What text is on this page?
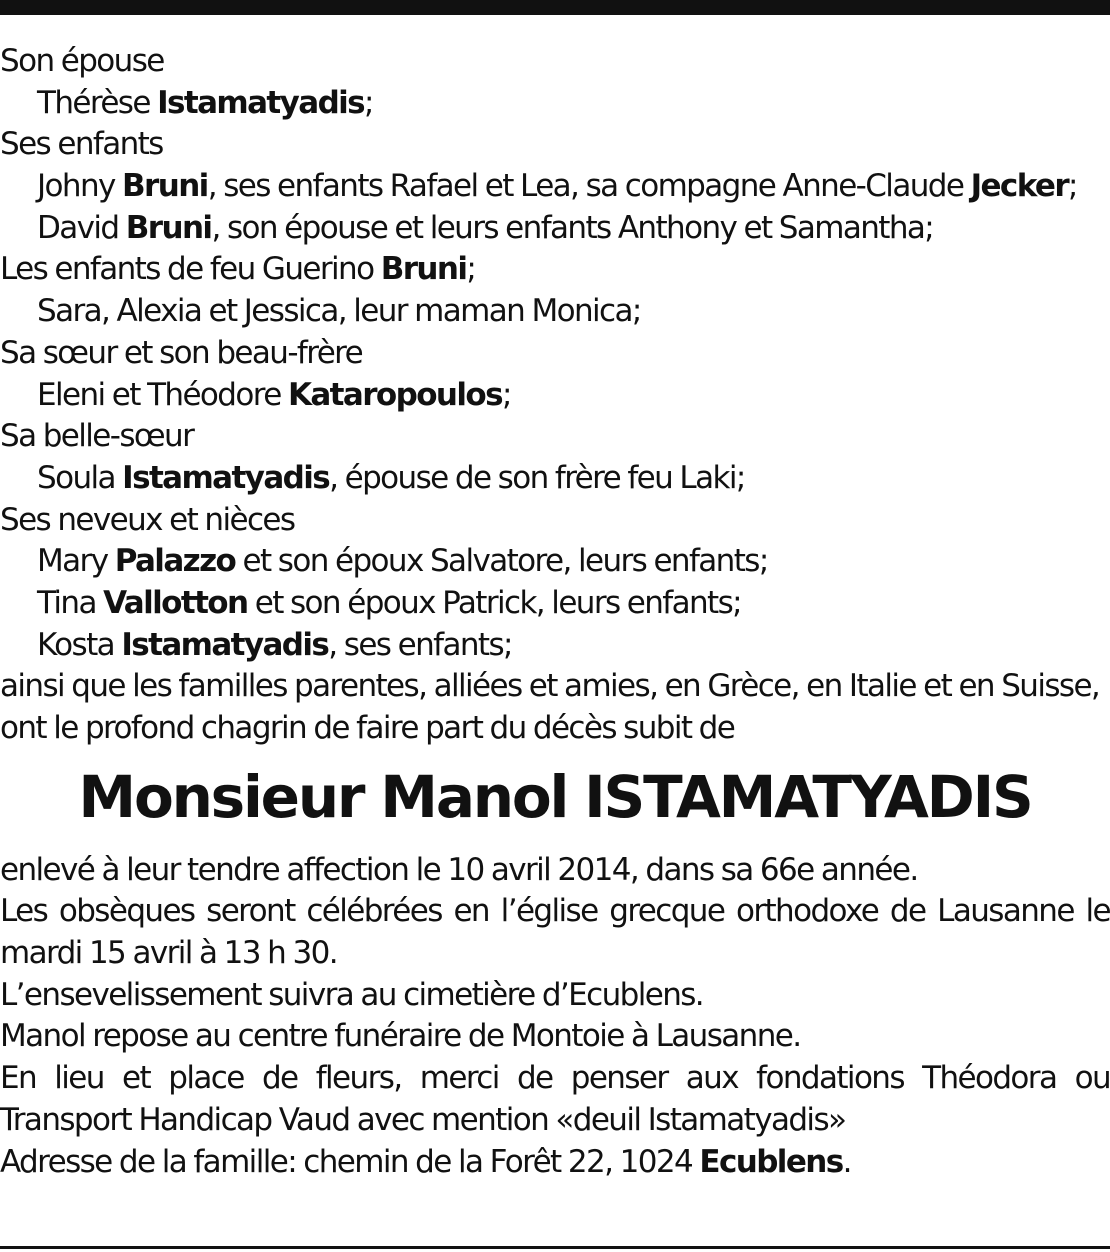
Son épouse
Thérèse Istamatyadis;
Ses enfants
Johny Bruni, ses enfants Rafael et Lea, sa compagne Anne-Claude Jecker;
David Bruni, son épouse et leurs enfants Anthony et Samantha;
Les enfants de feu Guerino Bruni;
Sara, Alexia et Jessica, leur maman Monica;
Sa sœur et son beau-frère
Eleni et Théodore Kataropoulos;
Sa belle-sœur
Soula Istamatyadis, épouse de son frère feu Laki;
Ses neveux et nièces
Mary Palazzo et son époux Salvatore, leurs enfants;
Tina Vallotton et son époux Patrick, leurs enfants;
Kosta Istamatyadis, ses enfants;
ainsi que les familles parentes, alliées et amies, en Grèce, en Italie et en Suisse,
ont le profond chagrin de faire part du décès subit de
Monsieur Manol ISTAMATYADIS
enlevé à leur tendre affection le 10 avril 2014, dans sa 66e année.
Les obsèques seront célébrées en l’église grecque orthodoxe de Lausanne le mardi 15 avril à 13 h 30.
L’ensevelissement suivra au cimetière d’Ecublens.
Manol repose au centre funéraire de Montoie à Lausanne.
En lieu et place de fleurs, merci de penser aux fondations Théodora ou Transport Handicap Vaud avec mention «deuil Istamatyadis»
Adresse de la famille: chemin de la Forêt 22, 1024 Ecublens.
